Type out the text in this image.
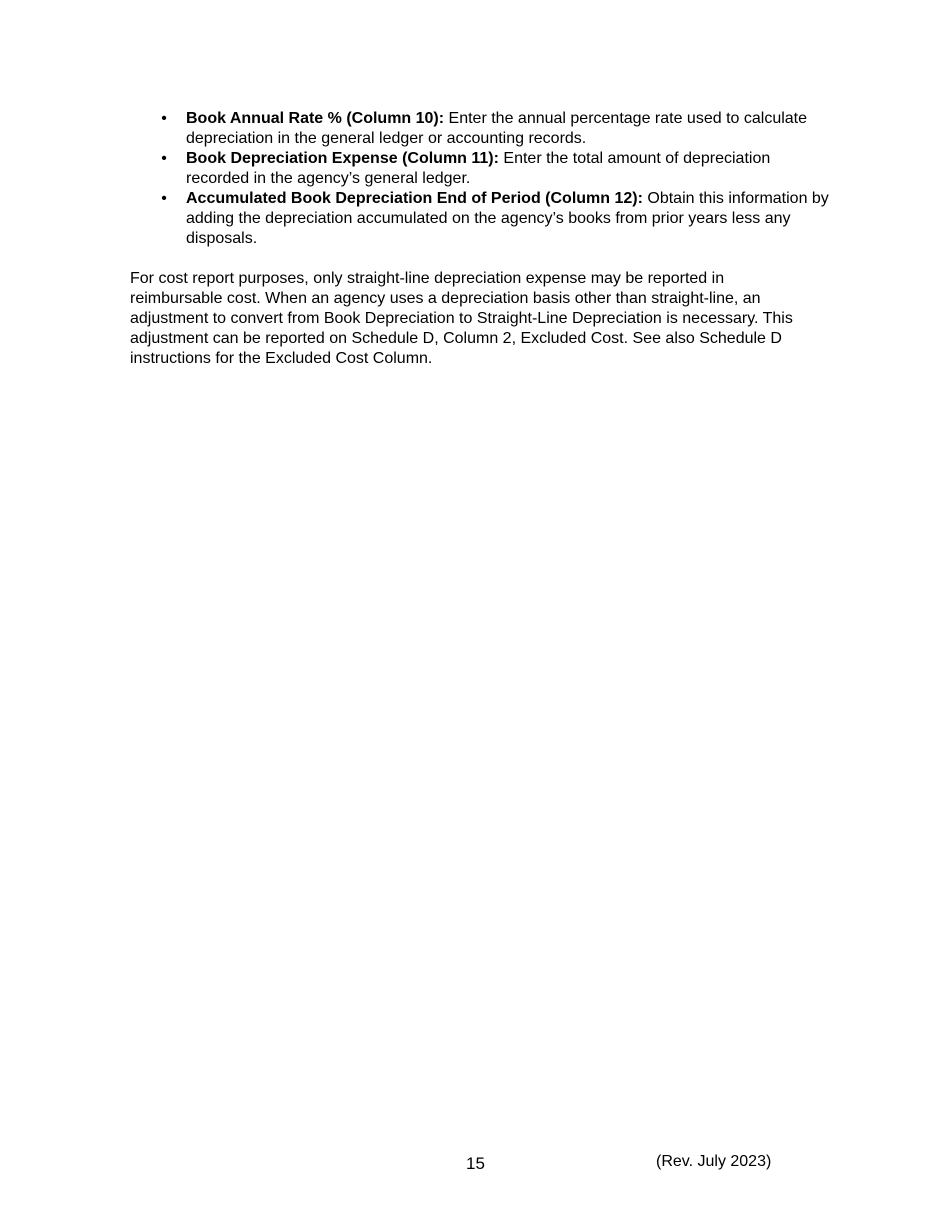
• Book Annual Rate % (Column 10): Enter the annual percentage rate used to calculate depreciation in the general ledger or accounting records.
• Book Depreciation Expense (Column 11): Enter the total amount of depreciation recorded in the agency’s general ledger.
• Accumulated Book Depreciation End of Period (Column 12): Obtain this information by adding the depreciation accumulated on the agency’s books from prior years less any disposals.

For cost report purposes, only straight-line depreciation expense may be reported in reimbursable cost. When an agency uses a depreciation basis other than straight-line, an adjustment to convert from Book Depreciation to Straight-Line Depreciation is necessary. This adjustment can be reported on Schedule D, Column 2, Excluded Cost. See also Schedule D instructions for the Excluded Cost Column.

15	(Rev. July 2023)
